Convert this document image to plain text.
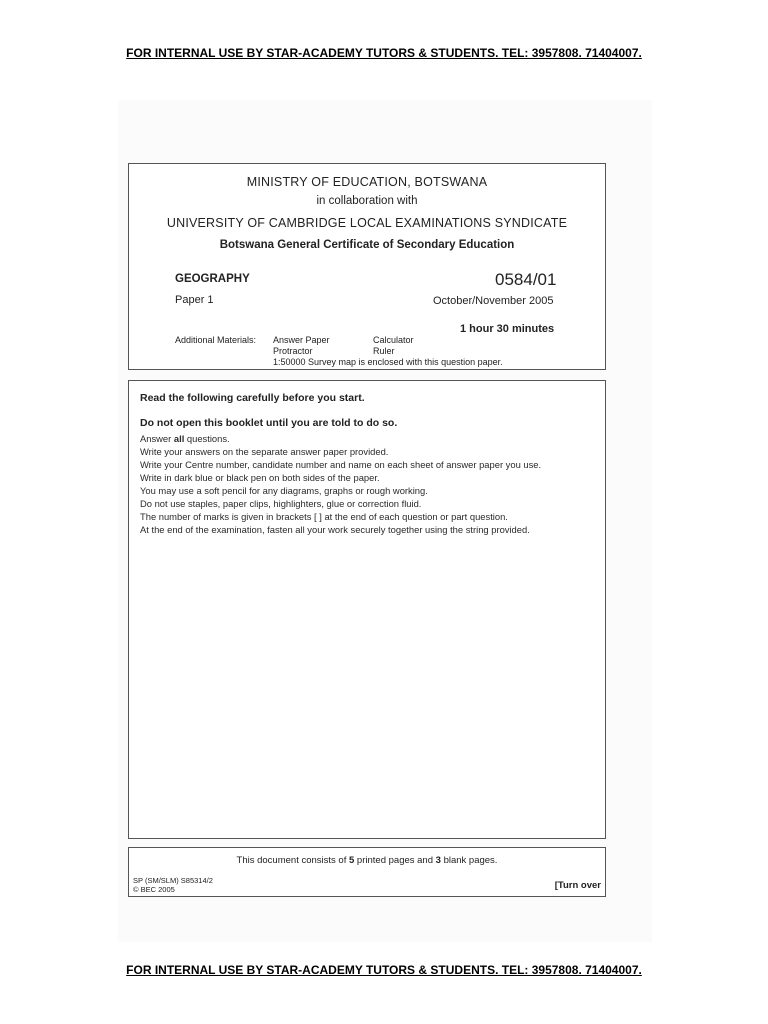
FOR INTERNAL USE BY STAR-ACADEMY TUTORS & STUDENTS. TEL: 3957808. 71404007.
MINISTRY OF EDUCATION, BOTSWANA
in collaboration with
UNIVERSITY OF CAMBRIDGE LOCAL EXAMINATIONS SYNDICATE
Botswana General Certificate of Secondary Education
GEOGRAPHY	0584/01
Paper 1	October/November 2005
1 hour 30 minutes
Additional Materials: Answer Paper	Calculator
Protractor	Ruler
1:50000 Survey map is enclosed with this question paper.
Read the following carefully before you start.
Do not open this booklet until you are told to do so.
Answer all questions.
Write your answers on the separate answer paper provided.
Write your Centre number, candidate number and name on each sheet of answer paper you use.
Write in dark blue or black pen on both sides of the paper.
You may use a soft pencil for any diagrams, graphs or rough working.
Do not use staples, paper clips, highlighters, glue or correction fluid.
The number of marks is given in brackets [ ] at the end of each question or part question.
At the end of the examination, fasten all your work securely together using the string provided.
This document consists of 5 printed pages and 3 blank pages.
SP (SM/SLM) S85314/2
© BEC 2005	[Turn over
FOR INTERNAL USE BY STAR-ACADEMY TUTORS & STUDENTS. TEL: 3957808. 71404007.
